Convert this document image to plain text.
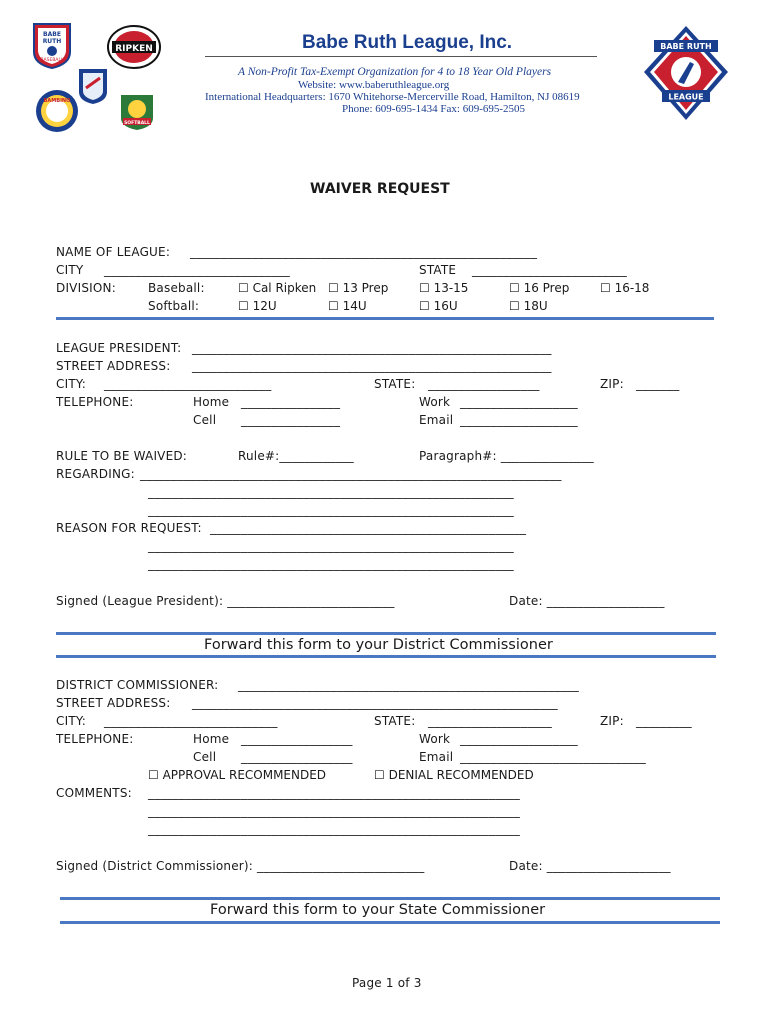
BABE
RUTH
BASEBALL
RIPKEN
BAMBINO
SOFTBALL
BABE RUTH
LEAGUE
Babe Ruth League, Inc.
A Non-Profit Tax-Exempt Organization for 4 to 18 Year Old Players
Website: www.baberuthleague.org
International Headquarters: 1670 Whitehorse-Mercerville Road, Hamilton, NJ 08619
Phone: 609-695-1434 Fax: 609-695-2505
WAIVER REQUEST
NAME OF LEAGUE: ________________________________________________________
CITY ______________________________	STATE _________________________
DIVISION:	Baseball:	☐ Cal Ripken ☐ 13 Prep	☐ 13-15	☐ 16 Prep	☐ 16-18
Softball:	☐ 12U	☐ 14U	☐ 16U	☐ 18U
LEAGUE PRESIDENT: __________________________________________________________
STREET ADDRESS: __________________________________________________________
CITY: ___________________________	STATE: __________________	ZIP: _______
TELEPHONE:	Home ________________	Work ___________________
Cell ________________	Email ___________________
RULE TO BE WAIVED:	Rule#:____________	Paragraph#: _______________
REGARDING: ____________________________________________________________________
___________________________________________________________
___________________________________________________________
REASON FOR REQUEST: ___________________________________________________
___________________________________________________________
___________________________________________________________
Signed (League President): ___________________________	Date: ___________________
Forward this form to your District Commissioner
DISTRICT COMMISSIONER: _______________________________________________________
STREET ADDRESS: ___________________________________________________________
CITY: ____________________________	STATE: ____________________	ZIP: _________
TELEPHONE:	Home __________________	Work ___________________
Cell __________________	Email ______________________________
☐ APPROVAL RECOMMENDED	☐ DENIAL RECOMMENDED
COMMENTS: ____________________________________________________________
____________________________________________________________
____________________________________________________________
Signed (District Commissioner): ___________________________	Date: ____________________
Forward this form to your State Commissioner
Page 1 of 3
